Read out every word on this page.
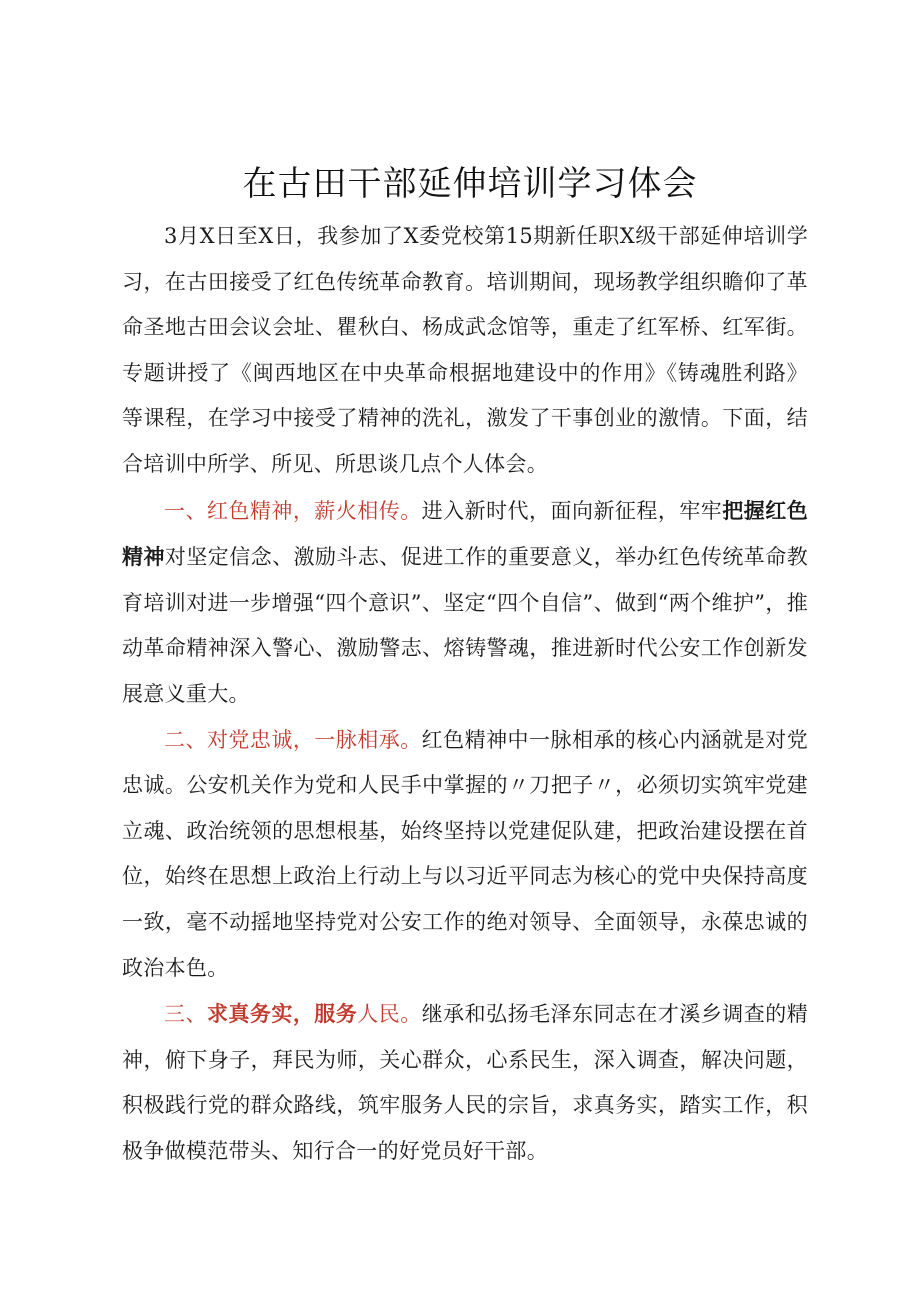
在古田干部延伸培训学习体会

3月X日至X日，我参加了X委党校第15期新任职X级干部延伸培训学习，在古田接受了红色传统革命教育。培训期间，现场教学组织瞻仰了革命圣地古田会议会址、瞿秋白、杨成武念馆等，重走了红军桥、红军街。专题讲授了《闽西地区在中央革命根据地建设中的作用》《铸魂胜利路》等课程，在学习中接受了精神的洗礼，激发了干事创业的激情。下面，结合培训中所学、所见、所思谈几点个人体会。

一、红色精神，薪火相传。进入新时代，面向新征程，牢牢把握红色精神对坚定信念、激励斗志、促进工作的重要意义，举办红色传统革命教育培训对进一步增强“四个意识”、坚定“四个自信”、做到“两个维护”，推动革命精神深入警心、激励警志、熔铸警魂，推进新时代公安工作创新发展意义重大。

二、对党忠诚，一脉相承。红色精神中一脉相承的核心内涵就是对党忠诚。公安机关作为党和人民手中掌握的〃刀把子〃，必须切实筑牢党建立魂、政治统领的思想根基，始终坚持以党建促队建，把政治建设摆在首位，始终在思想上政治上行动上与以习近平同志为核心的党中央保持高度一致，毫不动摇地坚持党对公安工作的绝对领导、全面领导，永葆忠诚的政治本色。

三、求真务实，服务人民。继承和弘扬毛泽东同志在才溪乡调查的精神，俯下身子，拜民为师，关心群众，心系民生，深入调查，解决问题，积极践行党的群众路线，筑牢服务人民的宗旨，求真务实，踏实工作，积极争做模范带头、知行合一的好党员好干部。
